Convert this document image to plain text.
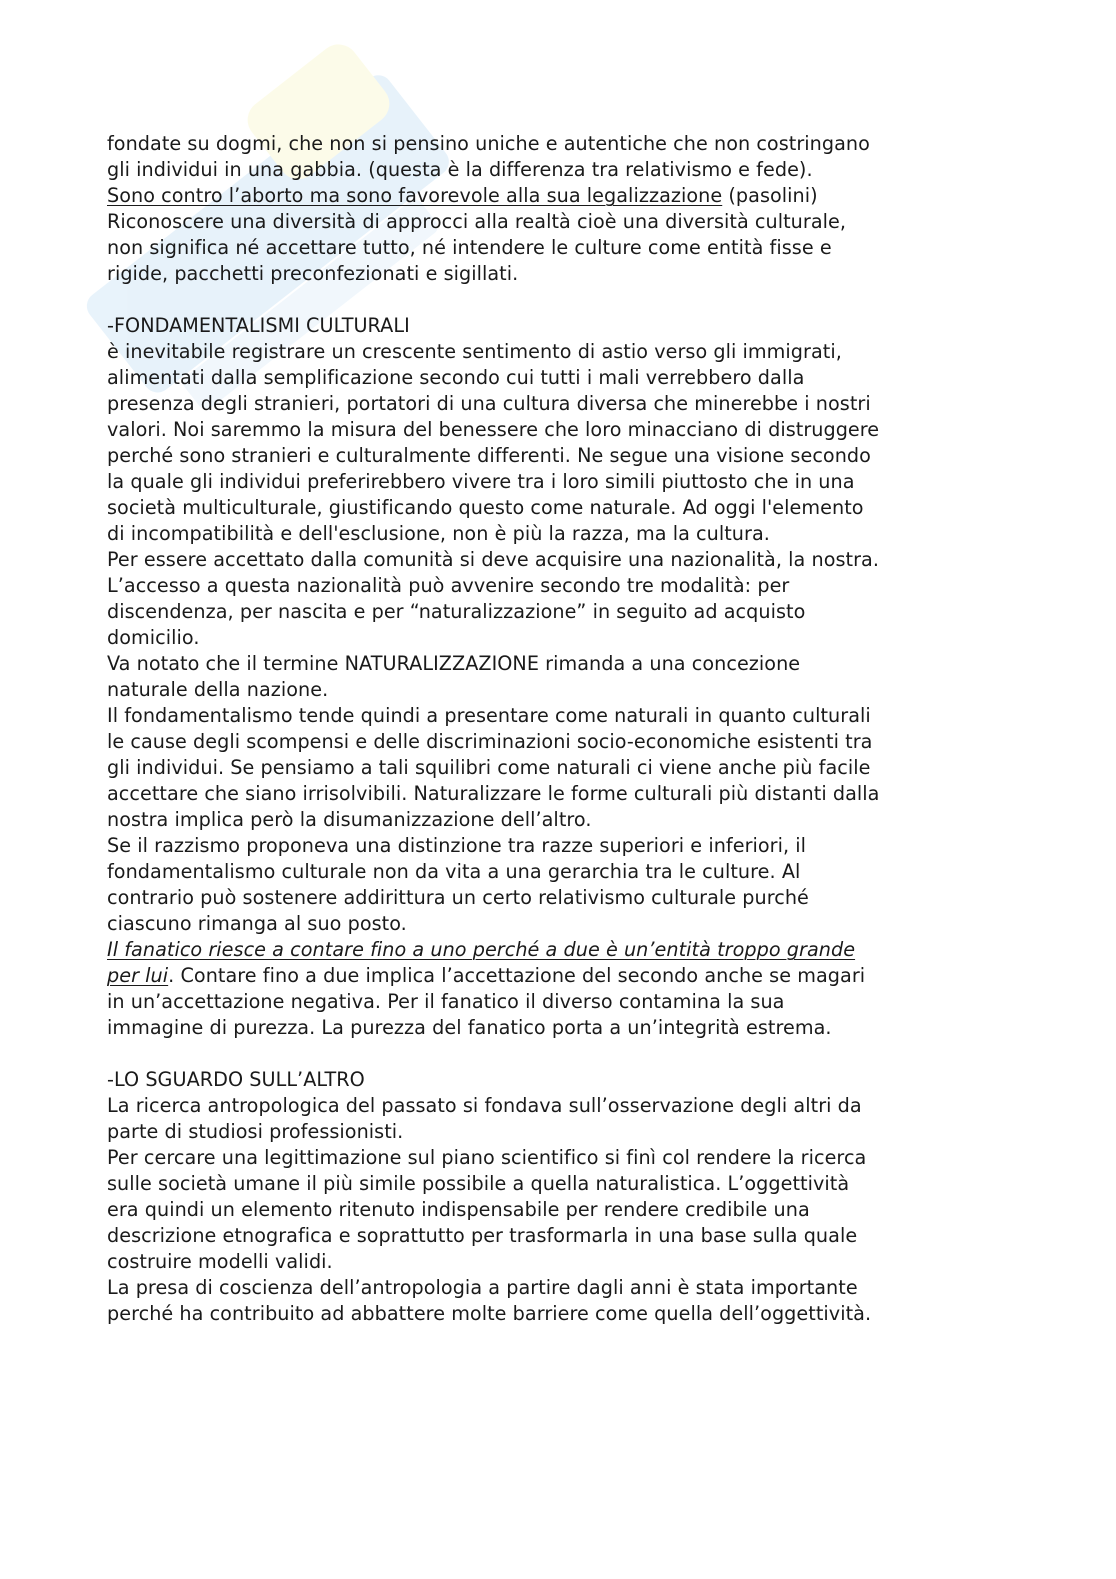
fondate su dogmi, che non si pensino uniche e autentiche che non costringano
gli individui in una gabbia. (questa è la differenza tra relativismo e fede).
Sono contro l’aborto ma sono favorevole alla sua legalizzazione (pasolini)
Riconoscere una diversità di approcci alla realtà cioè una diversità culturale,
non significa né accettare tutto, né intendere le culture come entità fisse e
rigide, pacchetti preconfezionati e sigillati.
-FONDAMENTALISMI CULTURALI
è inevitabile registrare un crescente sentimento di astio verso gli immigrati,
alimentati dalla semplificazione secondo cui tutti i mali verrebbero dalla
presenza degli stranieri, portatori di una cultura diversa che minerebbe i nostri
valori. Noi saremmo la misura del benessere che loro minacciano di distruggere
perché sono stranieri e culturalmente differenti. Ne segue una visione secondo
la quale gli individui preferirebbero vivere tra i loro simili piuttosto che in una
società multiculturale, giustificando questo come naturale. Ad oggi l'elemento
di incompatibilità e dell'esclusione, non è più la razza, ma la cultura.
Per essere accettato dalla comunità si deve acquisire una nazionalità, la nostra.
L’accesso a questa nazionalità può avvenire secondo tre modalità: per
discendenza, per nascita e per “naturalizzazione” in seguito ad acquisto
domicilio.
Va notato che il termine NATURALIZZAZIONE rimanda a una concezione
naturale della nazione.
Il fondamentalismo tende quindi a presentare come naturali in quanto culturali
le cause degli scompensi e delle discriminazioni socio-economiche esistenti tra
gli individui. Se pensiamo a tali squilibri come naturali ci viene anche più facile
accettare che siano irrisolvibili. Naturalizzare le forme culturali più distanti dalla
nostra implica però la disumanizzazione dell’altro.
Se il razzismo proponeva una distinzione tra razze superiori e inferiori, il
fondamentalismo culturale non da vita a una gerarchia tra le culture. Al
contrario può sostenere addirittura un certo relativismo culturale purché
ciascuno rimanga al suo posto.
Il fanatico riesce a contare fino a uno perché a due è un’entità troppo grande
per lui. Contare fino a due implica l’accettazione del secondo anche se magari
in un’accettazione negativa. Per il fanatico il diverso contamina la sua
immagine di purezza. La purezza del fanatico porta a un’integrità estrema.
-LO SGUARDO SULL’ALTRO
La ricerca antropologica del passato si fondava sull’osservazione degli altri da
parte di studiosi professionisti.
Per cercare una legittimazione sul piano scientifico si finì col rendere la ricerca
sulle società umane il più simile possibile a quella naturalistica. L’oggettività
era quindi un elemento ritenuto indispensabile per rendere credibile una
descrizione etnografica e soprattutto per trasformarla in una base sulla quale
costruire modelli validi.
La presa di coscienza dell’antropologia a partire dagli anni è stata importante
perché ha contribuito ad abbattere molte barriere come quella dell’oggettività.
